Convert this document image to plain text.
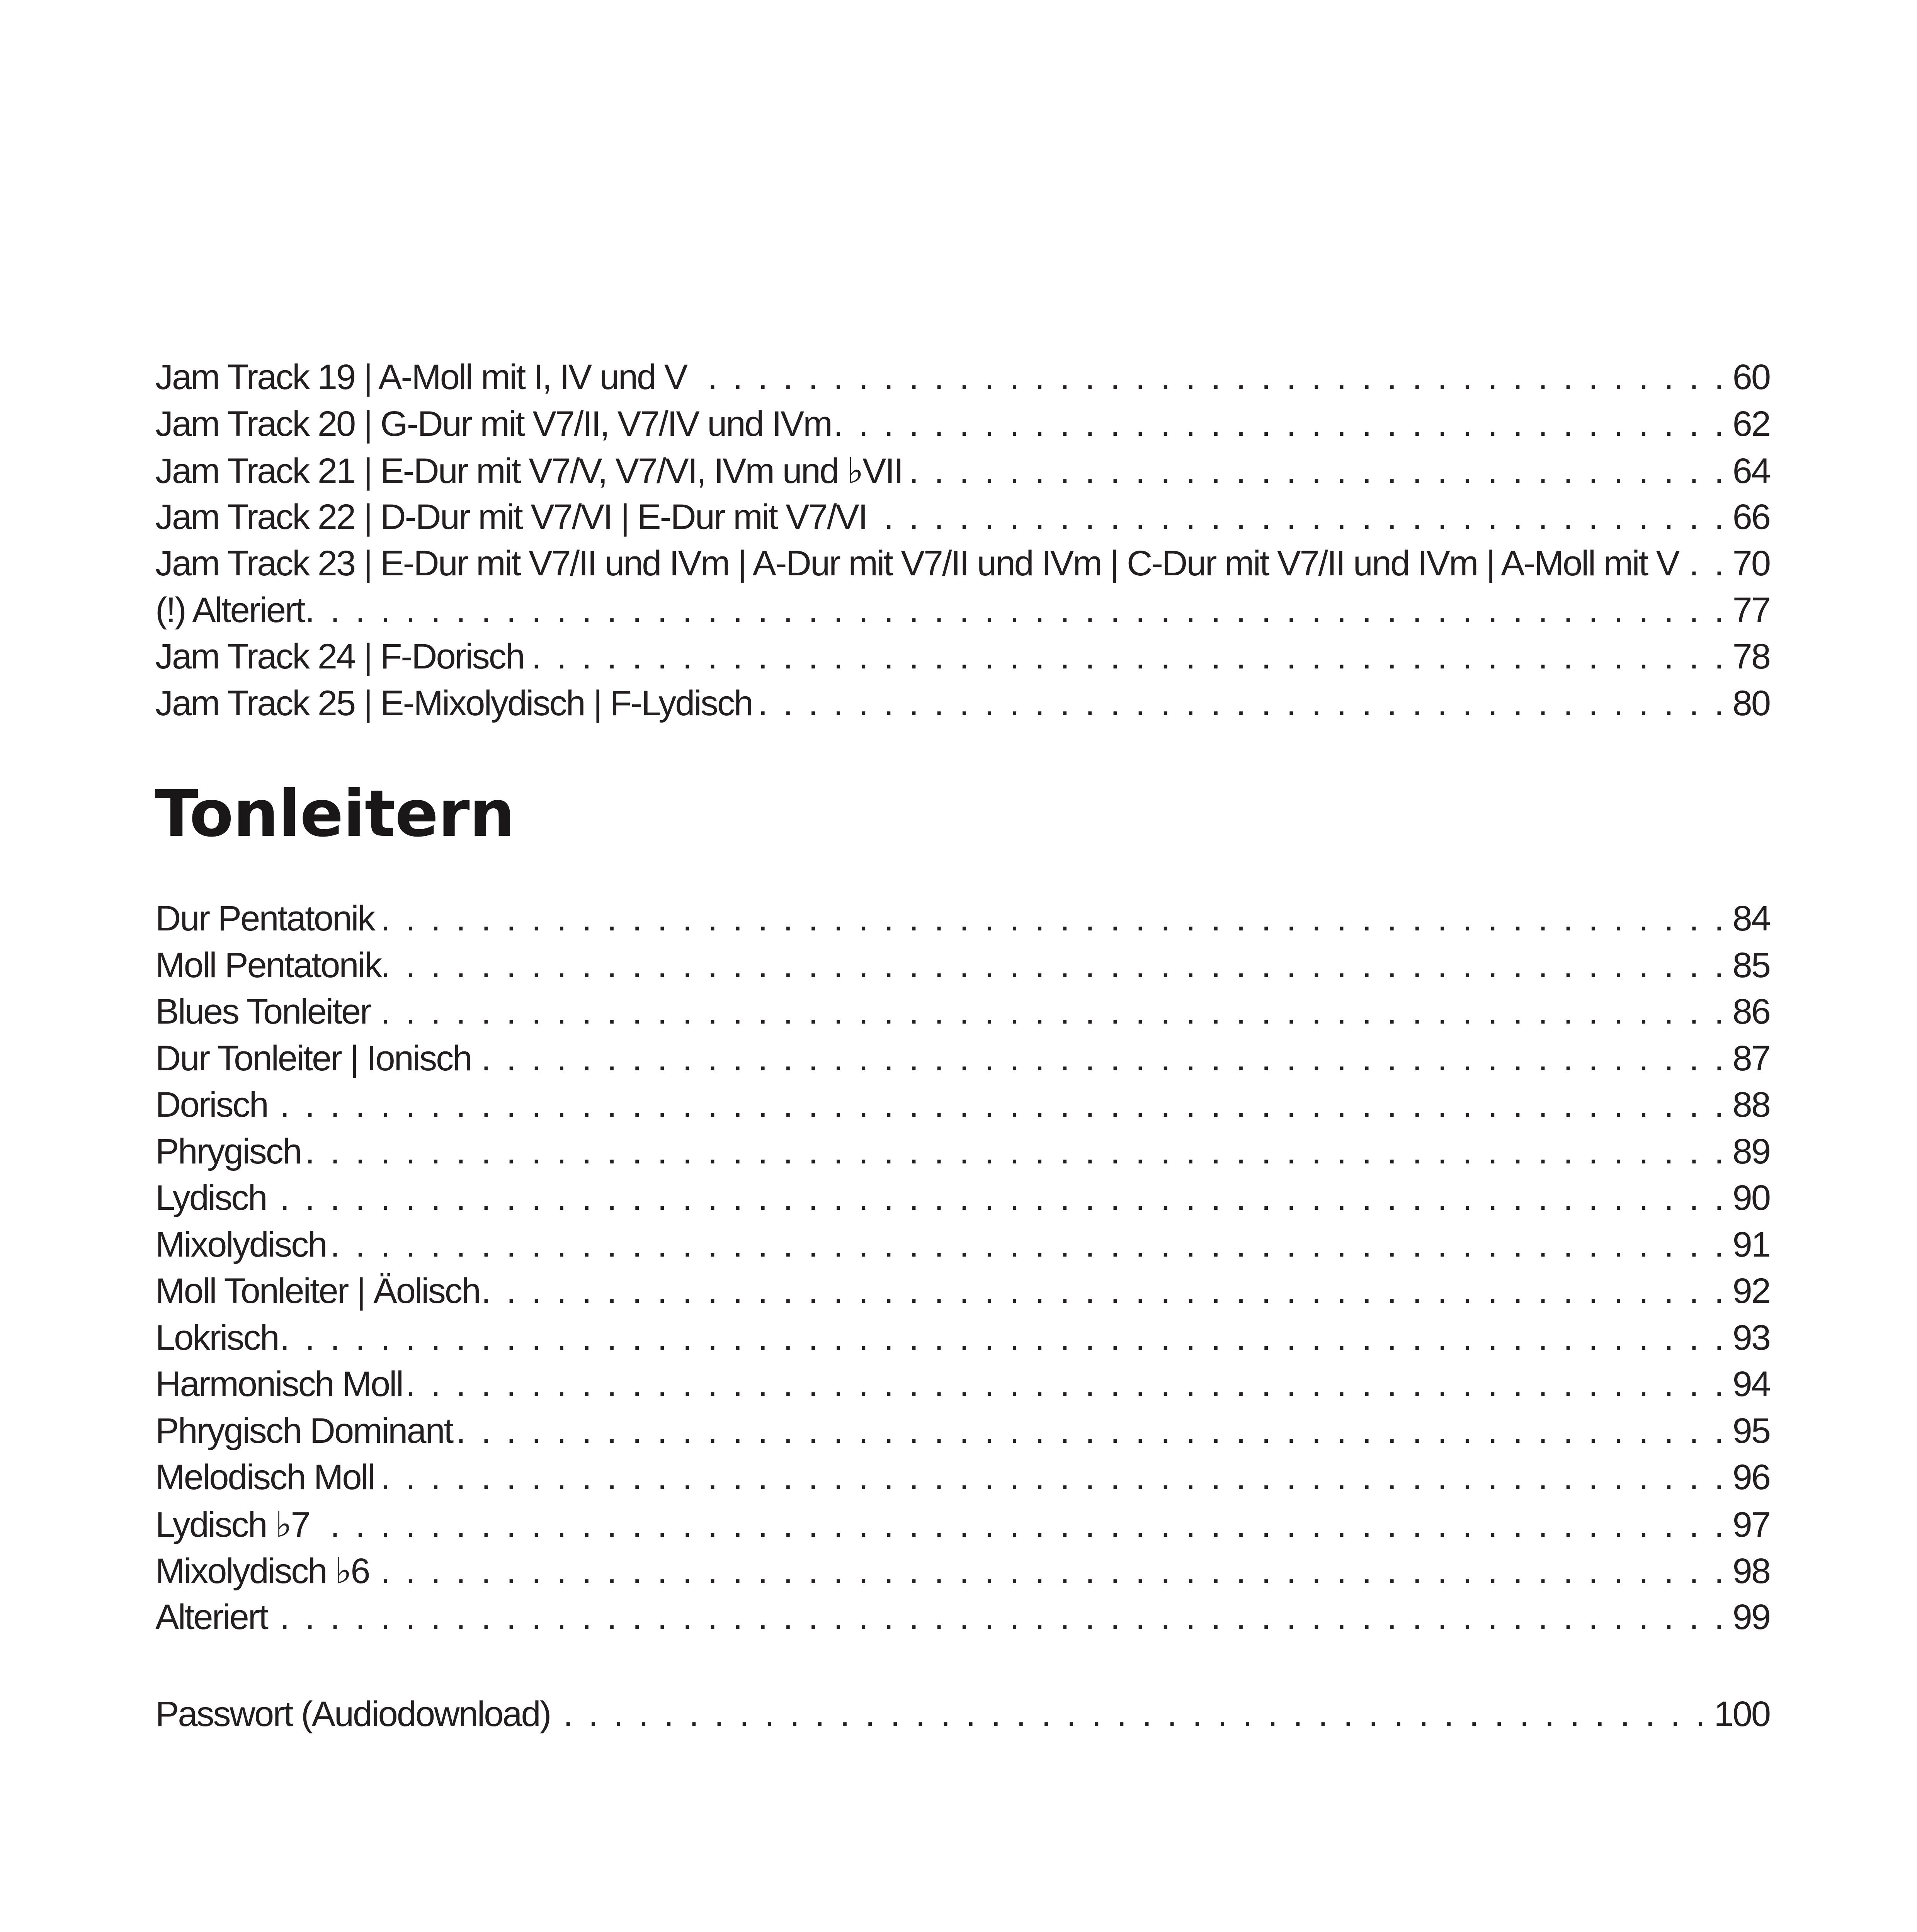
Jam Track 19 | A-Moll mit I, IV und V . . .	60
Jam Track 20 | G-Dur mit V7/II, V7/IV und IVm . . .	62
Jam Track 21 | E-Dur mit V7/V, V7/VI, IVm und ♭VII . . .	64
Jam Track 22 | D-Dur mit V7/VI | E-Dur mit V7/VI . . .	66
Jam Track 23 | E-Dur mit V7/II und IVm | A-Dur mit V7/II und IVm | C-Dur mit V7/II und IVm | A-Moll mit V . . . 70
(!) Alteriert . . .	77
Jam Track 24 | F-Dorisch . . .	78
Jam Track 25 | E-Mixolydisch | F-Lydisch . . .	80
Tonleitern
Dur Pentatonik . . .	84
Moll Pentatonik . . .	85
Blues Tonleiter . . .	86
Dur Tonleiter | Ionisch . . .	87
Dorisch . . .	88
Phrygisch . . .	89
Lydisch . . .	90
Mixolydisch . . .	91
Moll Tonleiter | Äolisch . . .	92
Lokrisch . . .	93
Harmonisch Moll . . .	94
Phrygisch Dominant . . .	95
Melodisch Moll . . .	96
Lydisch ♭7 . . .	97
Mixolydisch ♭6 . . .	98
Alteriert . . .	99
Passwort (Audiodownload) . . .	100
